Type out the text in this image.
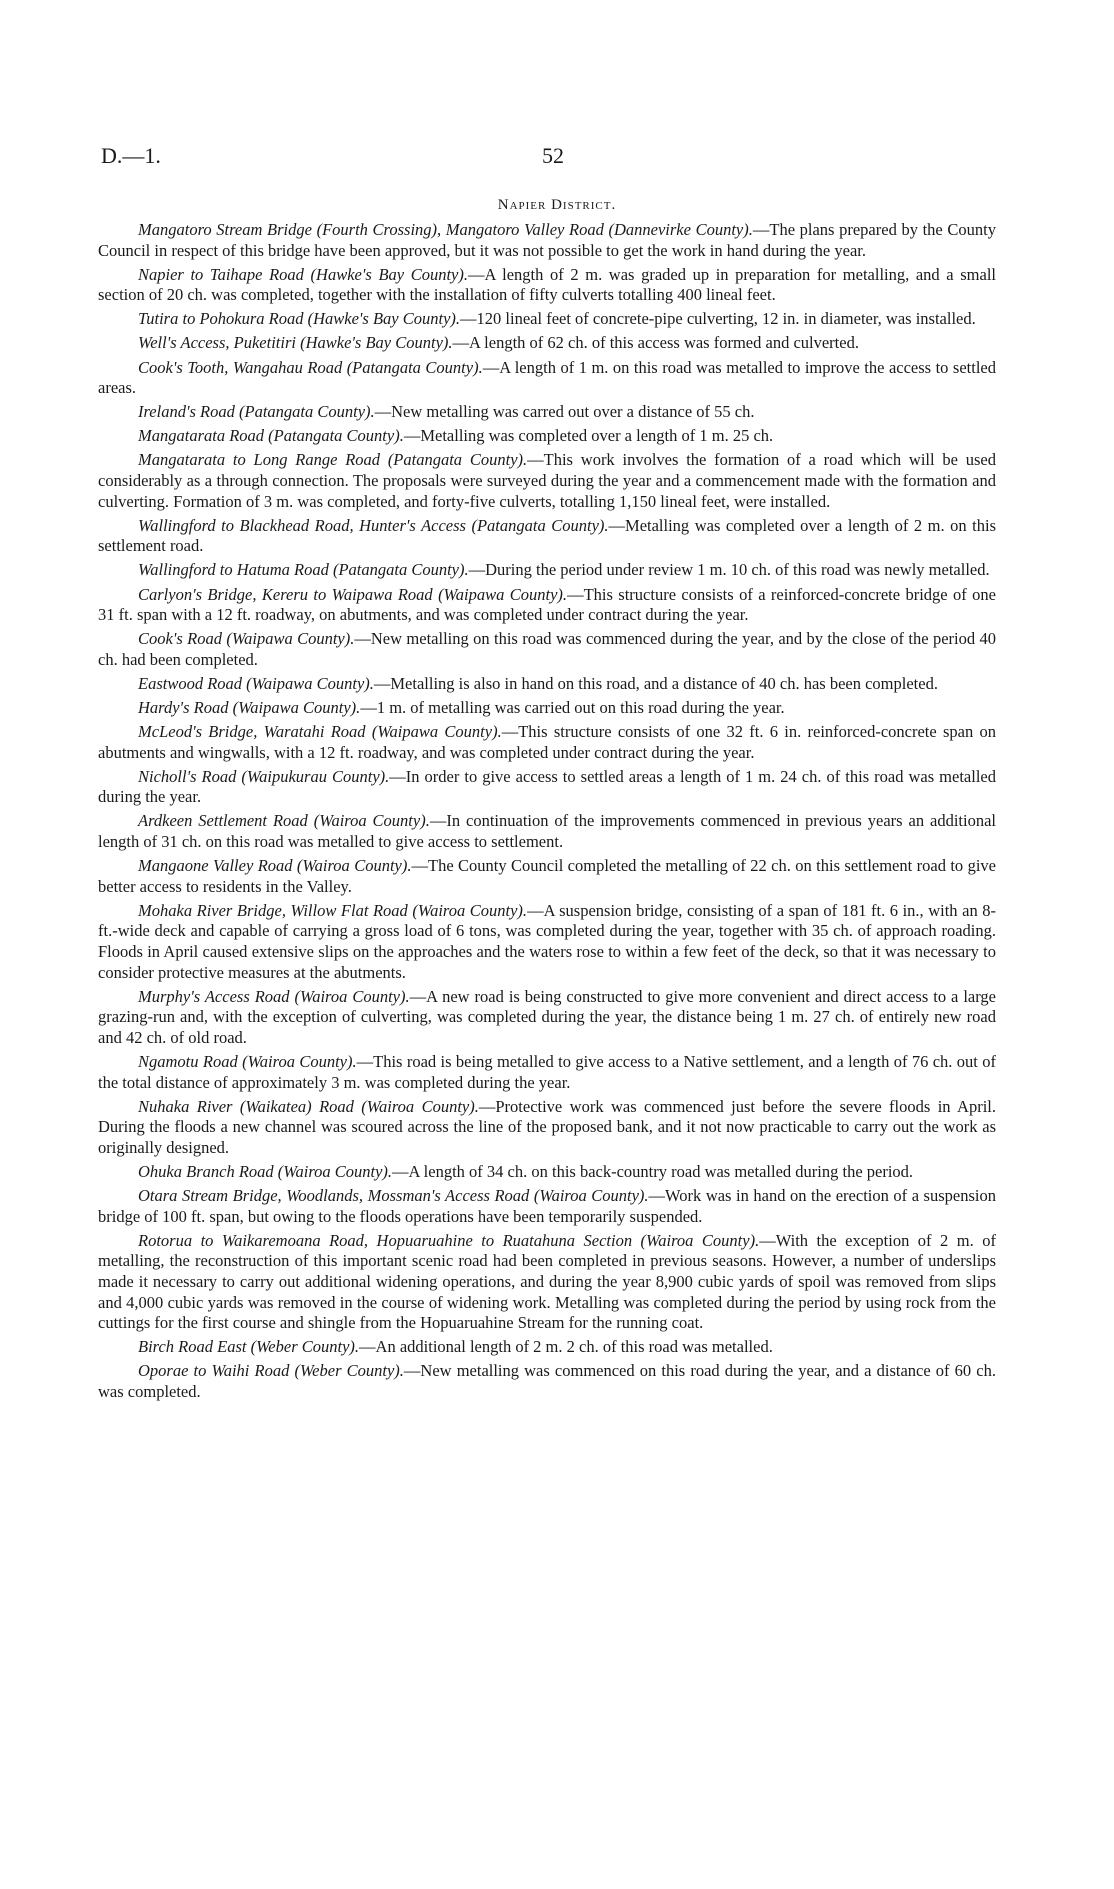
D.—1.	52
Napier District.

Mangatoro Stream Bridge (Fourth Crossing), Mangatoro Valley Road (Dannevirke County).—The plans prepared by the County Council in respect of this bridge have been approved, but it was not possible to get the work in hand during the year.

Napier to Taihape Road (Hawke's Bay County).—A length of 2 m. was graded up in preparation for metalling, and a small section of 20 ch. was completed, together with the installation of fifty culverts totalling 400 lineal feet.

Tutira to Pohokura Road (Hawke's Bay County).—120 lineal feet of concrete-pipe culverting, 12 in. in diameter, was installed.

Well's Access, Puketitiri (Hawke's Bay County).—A length of 62 ch. of this access was formed and culverted.

Cook's Tooth, Wangahau Road (Patangata County).—A length of 1 m. on this road was metalled to improve the access to settled areas.

Ireland's Road (Patangata County).—New metalling was carred out over a distance of 55 ch.

Mangatarata Road (Patangata County).—Metalling was completed over a length of 1 m. 25 ch.

Mangatarata to Long Range Road (Patangata County).—This work involves the formation of a road which will be used considerably as a through connection. The proposals were surveyed during the year and a commencement made with the formation and culverting. Formation of 3 m. was completed, and forty-five culverts, totalling 1,150 lineal feet, were installed.

Wallingford to Blackhead Road, Hunter's Access (Patangata County).—Metalling was completed over a length of 2 m. on this settlement road.

Wallingford to Hatuma Road (Patangata County).—During the period under review 1 m. 10 ch. of this road was newly metalled.

Carlyon's Bridge, Kereru to Waipawa Road (Waipawa County).—This structure consists of a reinforced-concrete bridge of one 31 ft. span with a 12 ft. roadway, on abutments, and was completed under contract during the year.

Cook's Road (Waipawa County).—New metalling on this road was commenced during the year, and by the close of the period 40 ch. had been completed.

Eastwood Road (Waipawa County).—Metalling is also in hand on this road, and a distance of 40 ch. has been completed.

Hardy's Road (Waipawa County).—1 m. of metalling was carried out on this road during the year.

McLeod's Bridge, Waratahi Road (Waipawa County).—This structure consists of one 32 ft. 6 in. reinforced-concrete span on abutments and wingwalls, with a 12 ft. roadway, and was completed under contract during the year.

Nicholl's Road (Waipukurau County).—In order to give access to settled areas a length of 1 m. 24 ch. of this road was metalled during the year.

Ardkeen Settlement Road (Wairoa County).—In continuation of the improvements commenced in previous years an additional length of 31 ch. on this road was metalled to give access to settlement.

Mangaone Valley Road (Wairoa County).—The County Council completed the metalling of 22 ch. on this settlement road to give better access to residents in the Valley.

Mohaka River Bridge, Willow Flat Road (Wairoa County).—A suspension bridge, consisting of a span of 181 ft. 6 in., with an 8-ft.-wide deck and capable of carrying a gross load of 6 tons, was completed during the year, together with 35 ch. of approach roading. Floods in April caused extensive slips on the approaches and the waters rose to within a few feet of the deck, so that it was necessary to consider protective measures at the abutments.

Murphy's Access Road (Wairoa County).—A new road is being constructed to give more convenient and direct access to a large grazing-run and, with the exception of culverting, was completed during the year, the distance being 1 m. 27 ch. of entirely new road and 42 ch. of old road.

Ngamotu Road (Wairoa County).—This road is being metalled to give access to a Native settlement, and a length of 76 ch. out of the total distance of approximately 3 m. was completed during the year.

Nuhaka River (Waikatea) Road (Wairoa County).—Protective work was commenced just before the severe floods in April. During the floods a new channel was scoured across the line of the proposed bank, and it not now practicable to carry out the work as originally designed.

Ohuka Branch Road (Wairoa County).—A length of 34 ch. on this back-country road was metalled during the period.

Otara Stream Bridge, Woodlands, Mossman's Access Road (Wairoa County).—Work was in hand on the erection of a suspension bridge of 100 ft. span, but owing to the floods operations have been temporarily suspended.

Rotorua to Waikaremoana Road, Hopuaruahine to Ruatahuna Section (Wairoa County).—With the exception of 2 m. of metalling, the reconstruction of this important scenic road had been completed in previous seasons. However, a number of underslips made it necessary to carry out additional widening operations, and during the year 8,900 cubic yards of spoil was removed from slips and 4,000 cubic yards was removed in the course of widening work. Metalling was completed during the period by using rock from the cuttings for the first course and shingle from the Hopuaruahine Stream for the running coat.

Birch Road East (Weber County).—An additional length of 2 m. 2 ch. of this road was metalled.

Oporae to Waihi Road (Weber County).—New metalling was commenced on this road during the year, and a distance of 60 ch. was completed.
